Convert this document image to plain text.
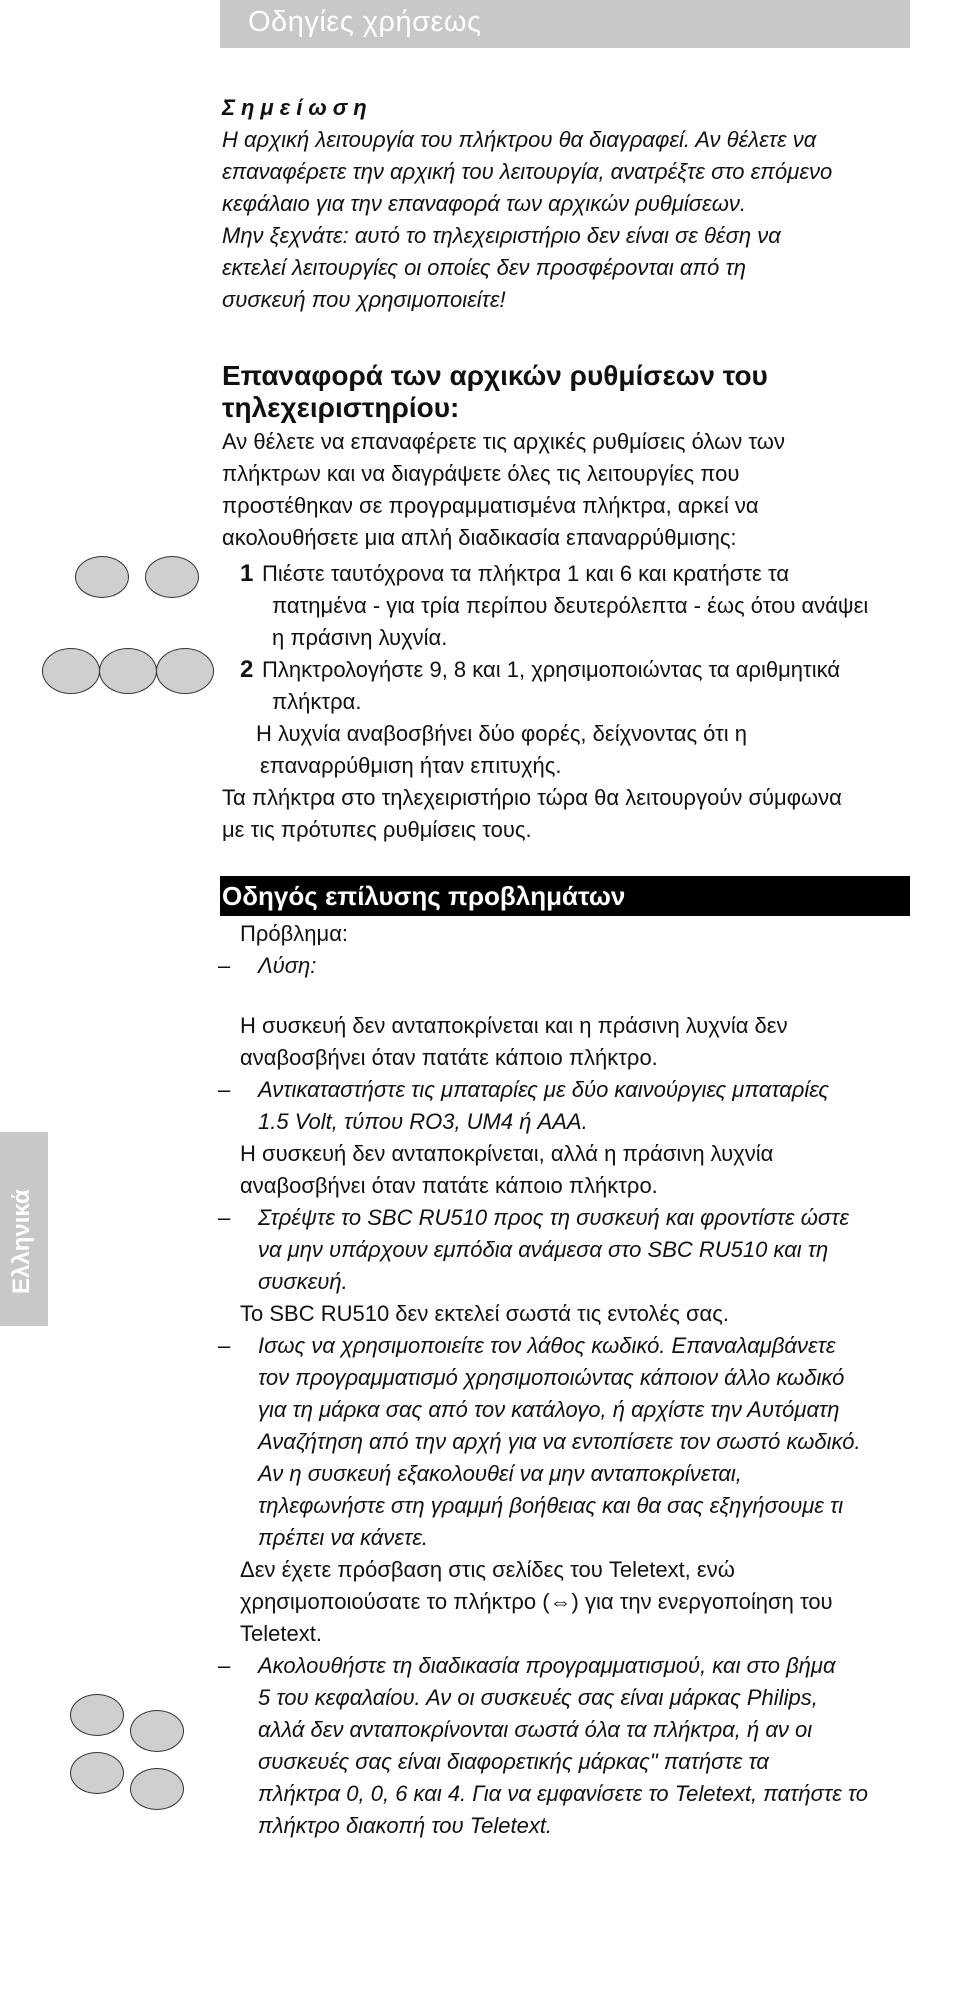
Οδηγίες χρήσεως
Σημείωση
Η αρχική λειτουργία του πλήκτρου θα διαγραφεί. Αν θέλετε να
επαναφέρετε την αρχική του λειτουργία, ανατρέξτε στο επόμενο
κεφάλαιο για την επαναφορά των αρχικών ρυθμίσεων.
Μην ξεχνάτε: αυτό το τηλεχειριστήριο δεν είναι σε θέση να
εκτελεί λειτουργίες οι οποίες δεν προσφέρονται από τη
συσκευή που χρησιμοποιείτε!
Επαναφορά των αρχικών ρυθμίσεων του
τηλεχειριστηρίου:
Αν θέλετε να επαναφέρετε τις αρχικές ρυθμίσεις όλων των
πλήκτρων και να διαγράψετε όλες τις λειτουργίες που
προστέθηκαν σε προγραμματισμένα πλήκτρα, αρκεί να
ακολουθήσετε μια απλή διαδικασία επαναρρύθμισης:
1 Πιέστε ταυτόχρονα τα πλήκτρα 1 και 6 και κρατήστε τα
πατημένα - για τρία περίπου δευτερόλεπτα - έως ότου ανάψει
η πράσινη λυχνία.
2 Πληκτρολογήστε 9, 8 και 1, χρησιμοποιώντας τα αριθμητικά
πλήκτρα.
Η λυχνία αναβοσβήνει δύο φορές, δείχνοντας ότι η
επαναρρύθμιση ήταν επιτυχής.
Τα πλήκτρα στο τηλεχειριστήριο τώρα θα λειτουργούν σύμφωνα
με τις πρότυπες ρυθμίσεις τους.
Οδηγός επίλυσης προβλημάτων
Πρόβλημα:
– Λύση:
Η συσκευή δεν ανταποκρίνεται και η πράσινη λυχνία δεν
αναβοσβήνει όταν πατάτε κάποιο πλήκτρο.
– Αντικαταστήστε τις μπαταρίες με δύο καινούργιες μπαταρίες
1.5 Volt, τύπου RO3, UM4 ή AAA.
Η συσκευή δεν ανταποκρίνεται, αλλά η πράσινη λυχνία
αναβοσβήνει όταν πατάτε κάποιο πλήκτρο.
– Στρέψτε το SBC RU510 προς τη συσκευή και φροντίστε ώστε
να μην υπάρχουν εμπόδια ανάμεσα στο SBC RU510 και τη
συσκευή.
Το SBC RU510 δεν εκτελεί σωστά τις εντολές σας.
– Ισως να χρησιμοποιείτε τον λάθος κωδικό. Επαναλαμβάνετε
τον προγραμματισμό χρησιμοποιώντας κάποιον άλλο κωδικό
για τη μάρκα σας από τον κατάλογο, ή αρχίστε την Αυτόματη
Αναζήτηση από την αρχή για να εντοπίσετε τον σωστό κωδικό.
Αν η συσκευή εξακολουθεί να μην ανταποκρίνεται,
τηλεφωνήστε στη γραμμή βοήθειας και θα σας εξηγήσουμε τι
πρέπει να κάνετε.
Δεν έχετε πρόσβαση στις σελίδες του Teletext, ενώ
χρησιμοποιούσατε το πλήκτρο (⇔) για την ενεργοποίηση του
Teletext.
– Ακολουθήστε τη διαδικασία προγραμματισμού, και στο βήμα
5 του κεφαλαίου. Αν οι συσκευές σας είναι μάρκας Philips,
αλλά δεν ανταποκρίνονται σωστά όλα τα πλήκτρα, ή αν οι
συσκευές σας είναι διαφορετικής μάρκας" πατήστε τα
πλήκτρα 0, 0, 6 και 4. Για να εμφανίσετε το Teletext, πατήστε το
πλήκτρο διακοπή του Teletext.
Ελληνικά
